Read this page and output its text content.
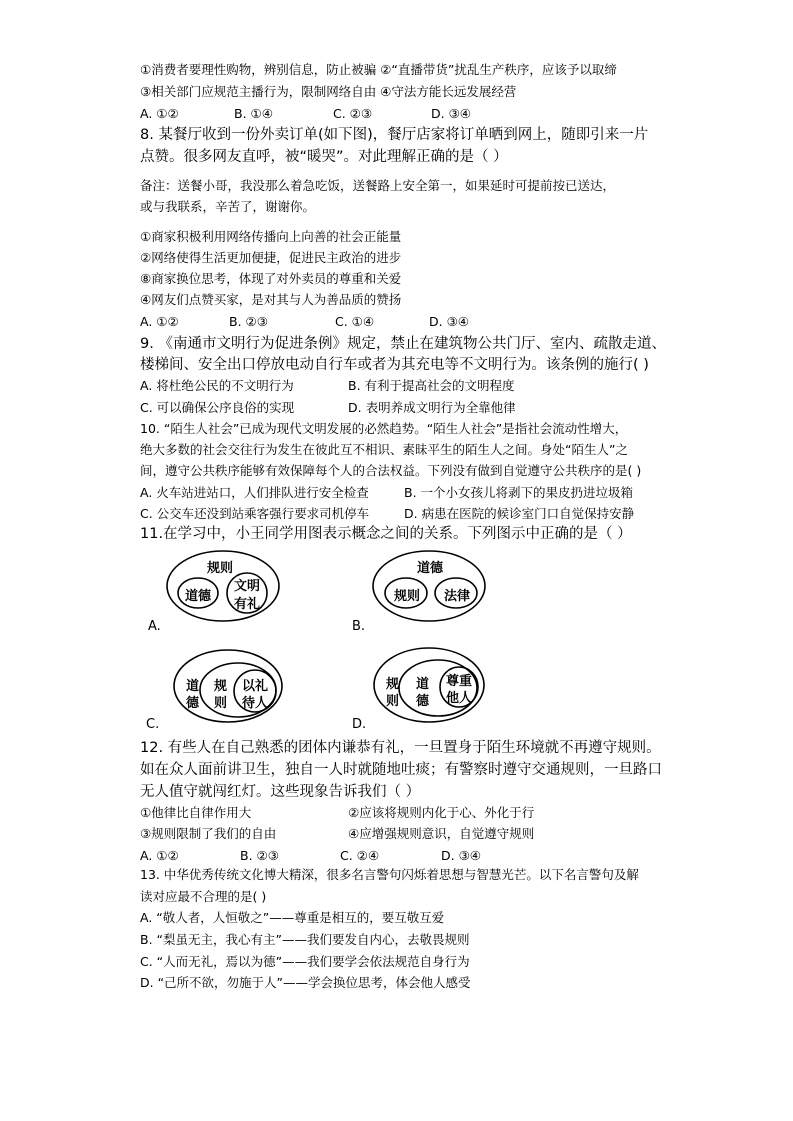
①消费者要理性购物，辨别信息，防止被骗 ②“直播带货”扰乱生产秩序，应该予以取缔
③相关部门应规范主播行为，限制网络自由 ④守法方能长远发展经营
A. ①②	B. ①④	C. ②③	D. ③④
8. 某餐厅收到一份外卖订单(如下图)，餐厅店家将订单晒到网上，随即引来一片
点赞。很多网友直呼，被“暖哭”。对此理解正确的是（ ）
备注：送餐小哥，我没那么着急吃饭，送餐路上安全第一，如果延时可提前按已送达，
或与我联系，辛苦了，谢谢你。
①商家积极利用网络传播向上向善的社会正能量
②网络使得生活更加便捷，促进民主政治的进步
⑧商家换位思考，体现了对外卖员的尊重和关爱
④网友们点赞买家，是对其与人为善品质的赞扬
A. ①②	B. ②③	C. ①④	D. ③④
9. 《南通市文明行为促进条例》规定，禁止在建筑物公共门厅、室内、疏散走道、
楼梯间、安全出口停放电动自行车或者为其充电等不文明行为。该条例的施行( )
A. 将杜绝公民的不文明行为	B. 有利于提高社会的文明程度
C. 可以确保公序良俗的实现	D. 表明养成文明行为全靠他律
10. “陌生人社会”已成为现代文明发展的必然趋势。“陌生人社会”是指社会流动性增大，
绝大多数的社会交往行为发生在彼此互不相识、素昧平生的陌生人之间。身处“陌生人”之
间，遵守公共秩序能够有效保障每个人的合法权益。下列没有做到自觉遵守公共秩序的是( )
A. 火车站进站口，人们排队进行安全检查	B. 一个小女孩儿将剥下的果皮扔进垃圾箱
C. 公交车还没到站乘客强行要求司机停车	D. 病患在医院的候诊室门口自觉保持安静
11.在学习中，小王同学用图表示概念之间的关系。下列图示中正确的是（ ）
规则
道德
文明
有礼
A.
道德
规则 法律
B.
道
德
规
则
以礼
待人
C.
规
则
道
德
尊重
他人
D.
12. 有些人在自己熟悉的团体内谦恭有礼，一旦置身于陌生环境就不再遵守规则。
如在众人面前讲卫生，独自一人时就随地吐痰；有警察时遵守交通规则，一旦路口
无人值守就闯红灯。这些现象告诉我们（ ）
①他律比自律作用大	②应该将规则内化于心、外化于行
③规则限制了我们的自由	④应增强规则意识，自觉遵守规则
A. ①②	B. ②③	C. ②④	D. ③④
13. 中华优秀传统文化博大精深，很多名言警句闪烁着思想与智慧光芒。以下名言警句及解
读对应最不合理的是( )
A. “敬人者，人恒敬之”——尊重是相互的，要互敬互爱
B. “梨虽无主，我心有主”——我们要发自内心，去敬畏规则
C. “人而无礼，焉以为德”——我们要学会依法规范自身行为
D. “己所不欲，勿施于人”——学会换位思考，体会他人感受
